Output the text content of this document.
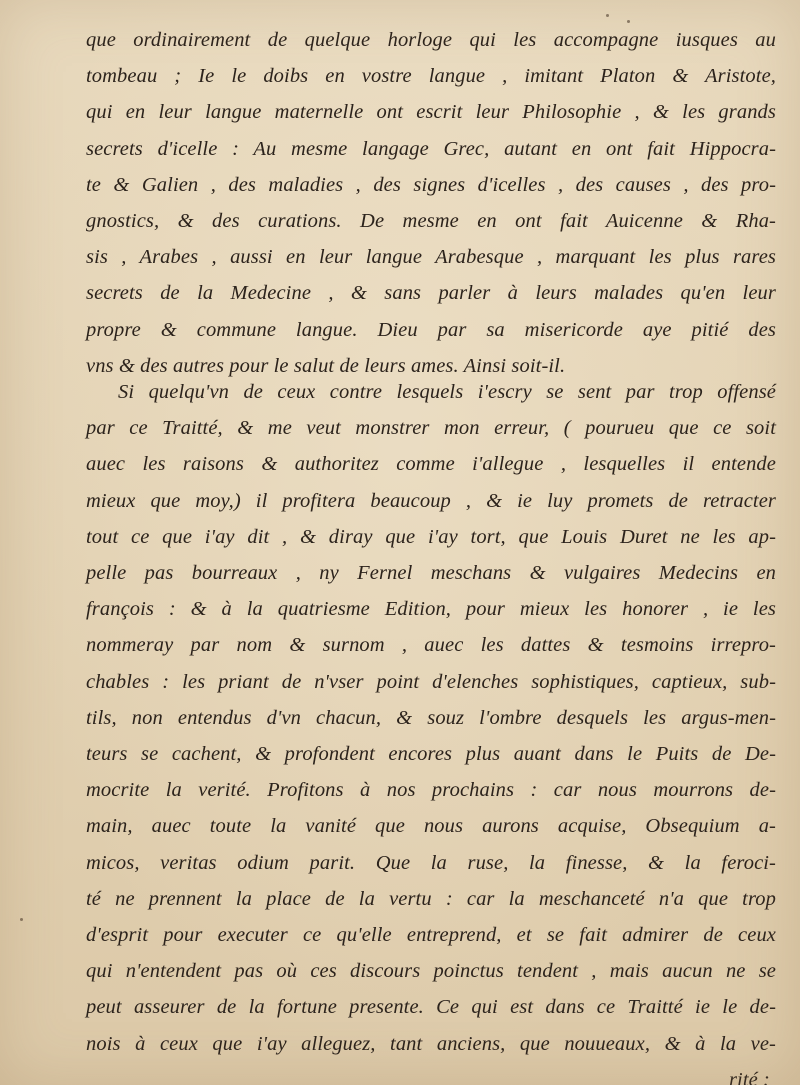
que ordinairement de quelque horloge qui les accompagne iusques au
tombeau ; Ie le doibs en vostre langue , imitant Platon & Aristote,
qui en leur langue maternelle ont escrit leur Philosophie , & les grands
secrets d'icelle : Au mesme langage Grec, autant en ont fait Hippocra-
te & Galien , des maladies , des signes d'icelles , des causes , des pro-
gnostics, & des curations. De mesme en ont fait Auicenne & Rha-
sis , Arabes , aussi en leur langue Arabesque , marquant les plus rares
secrets de la Medecine , & sans parler à leurs malades qu'en leur
propre & commune langue. Dieu par sa misericorde aye pitié des
vns & des autres pour le salut de leurs ames. Ainsi soit-il.
Si quelqu'vn de ceux contre lesquels i'escry se sent par trop offensé
par ce Traitté, & me veut monstrer mon erreur, ( pourueu que ce soit
auec les raisons & authoritez comme i'allegue , lesquelles il entende
mieux que moy,) il profitera beaucoup , & ie luy promets de retracter
tout ce que i'ay dit , & diray que i'ay tort, que Louis Duret ne les ap-
pelle pas bourreaux , ny Fernel meschans & vulgaires Medecins en
françois : & à la quatriesme Edition, pour mieux les honorer , ie les
nommeray par nom & surnom , auec les dattes & tesmoins irrepro-
chables : les priant de n'vser point d'elenches sophistiques, captieux, sub-
tils, non entendus d'vn chacun, & souz l'ombre desquels les argus-men-
teurs se cachent, & profondent encores plus auant dans le Puits de De-
mocrite la verité. Profitons à nos prochains : car nous mourrons de-
main, auec toute la vanité que nous aurons acquise, Obsequium a-
micos, veritas odium parit. Que la ruse, la finesse, & la feroci-
té ne prennent la place de la vertu : car la meschanceté n'a que trop
d'esprit pour executer ce qu'elle entreprend, et se fait admirer de ceux
qui n'entendent pas où ces discours poinctus tendent , mais aucun ne se
peut asseurer de la fortune presente. Ce qui est dans ce Traitté ie le de-
nois à ceux que i'ay alleguez, tant anciens, que nouueaux, & à la ve-
rité :
